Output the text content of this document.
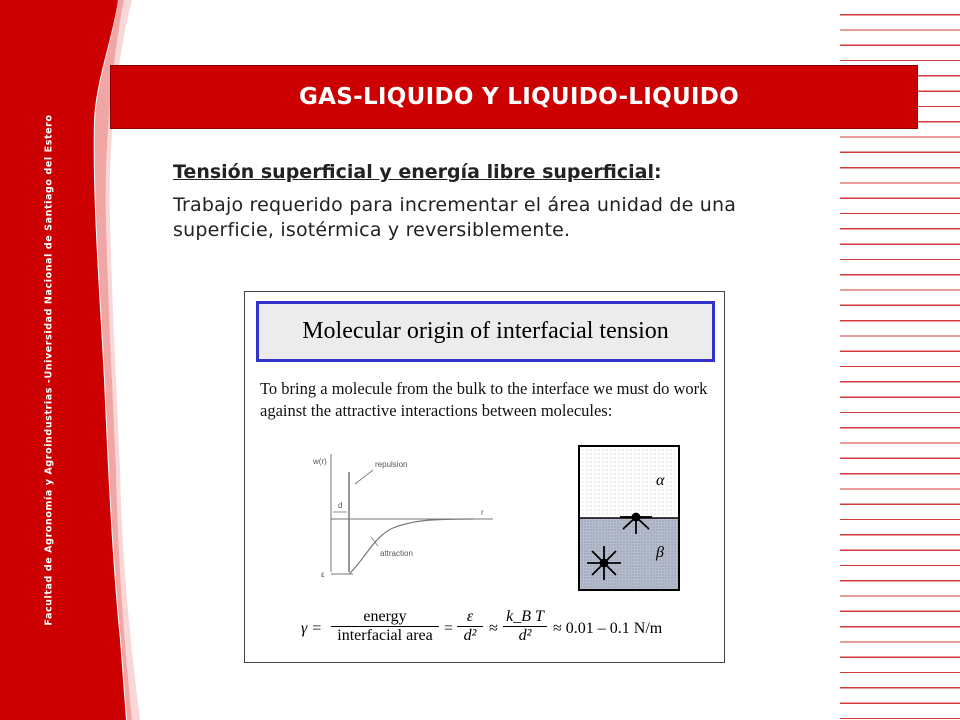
Facultad de Agronomía y Agroindustrias -Universidad Nacional de Santiago del Estero
GAS-LIQUIDO Y LIQUIDO-LIQUIDO
Tensión superficial y energía libre superficial:
Trabajo requerido para incrementar el área unidad de una superficie, isotérmica y reversiblemente.
Molecular origin of interfacial tension
To bring a molecule from the bulk to the interface we must do work against the attractive interactions between molecules:
w(r)	repulsion
d
r
ε
attraction
α
β
γ =
energy
interfacial area = $\frac{\varepsilon}{\text{d²}} \approx \frac{\text{k\_B T}}{\text{d²}} \approx 0.01 - 0.1$ N/m
